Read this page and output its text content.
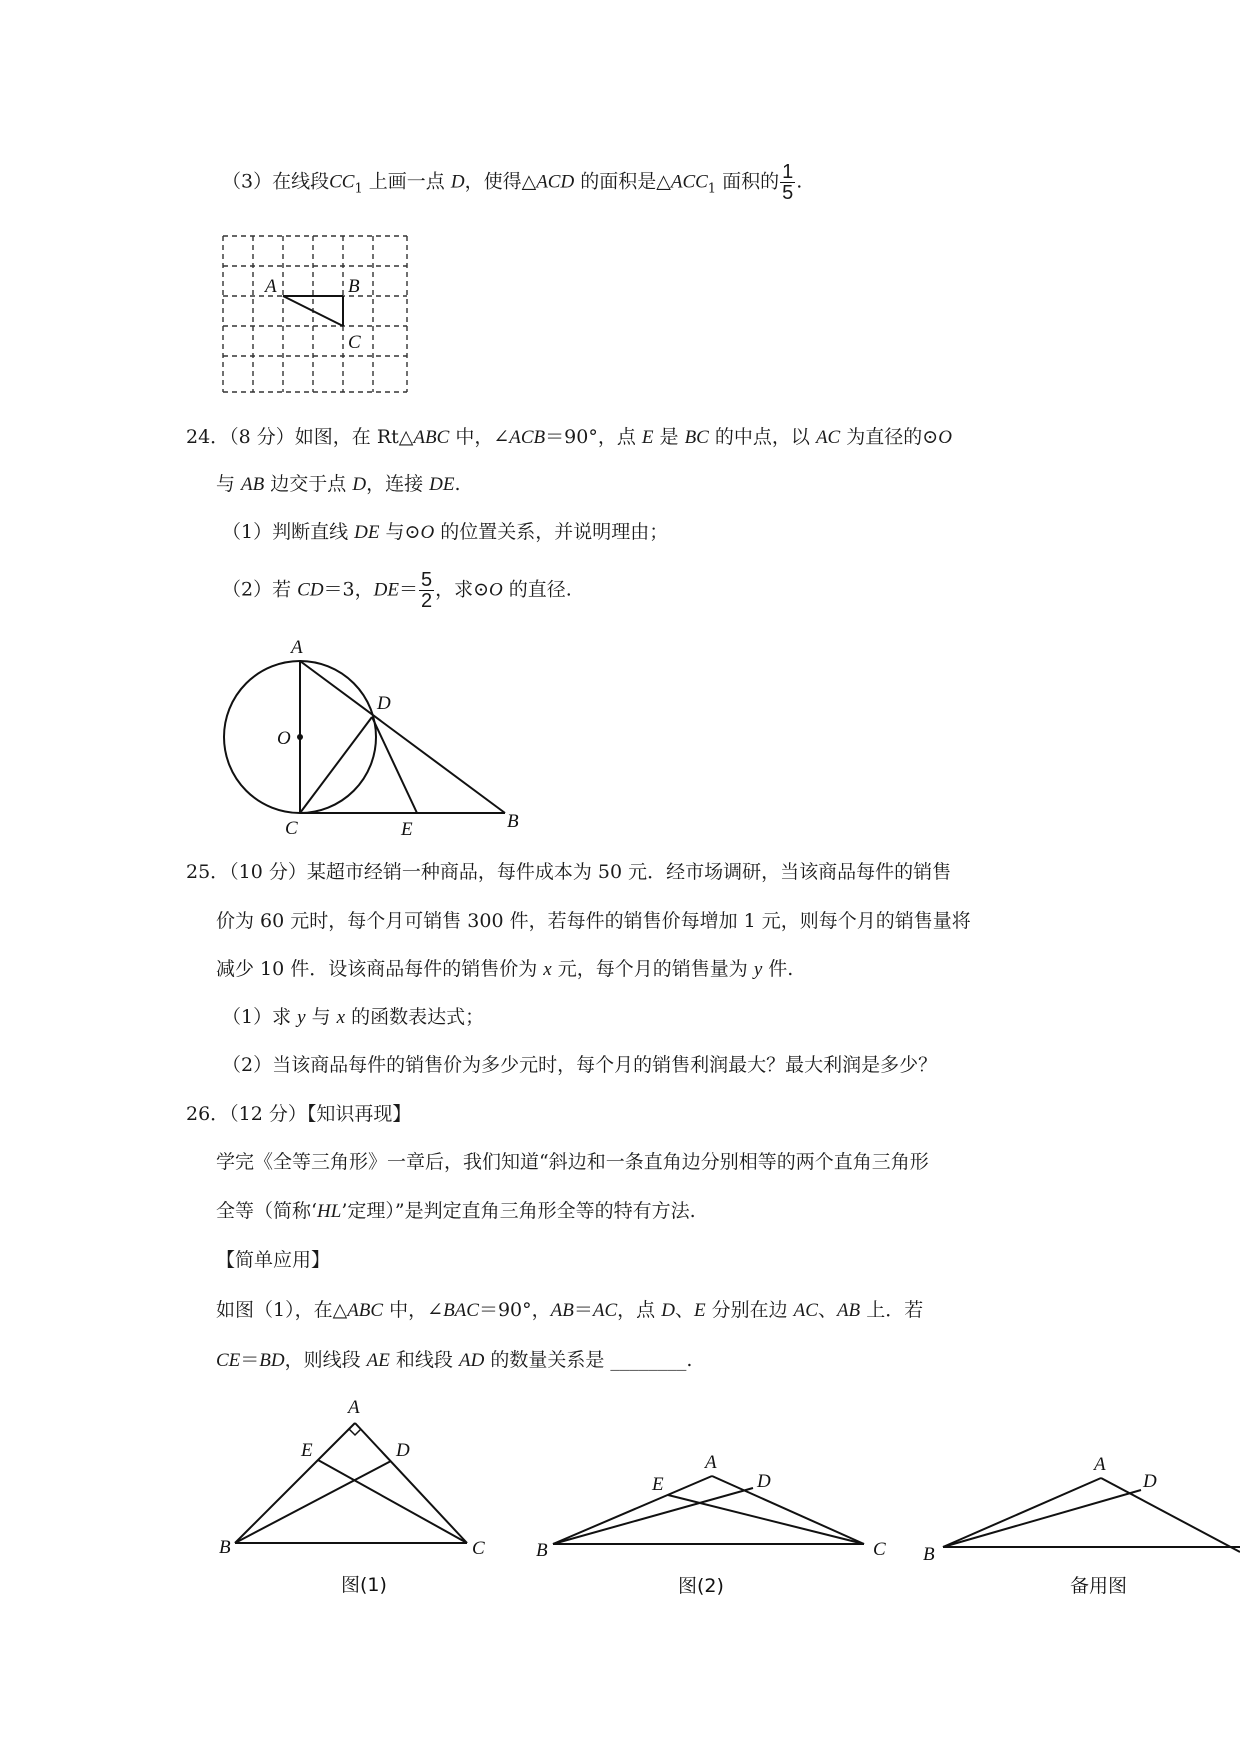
（3）在线段$CC_1$ 上画一点 D，使得△ACD 的面积是$\triangle ACC_1$ 面积的 $\frac{1}{5}$ .
A	B
C
24．（8 分）如图，在 Rt△ABC 中，∠ACB＝90°，点 E 是 BC 的中点，以 AC 为直径的⊙O
与 AB 边交于点 D，连接 DE.
（1）判断直线 DE 与⊙O 的位置关系，并说明理由；
（2）若 CD＝3，$DE= \frac{5}{2}$ ，求⊙O 的直径.
A
D
O
C	E	B
25．（10 分）某超市经销一种商品，每件成本为 50 元．经市场调研，当该商品每件的销售
价为 60 元时，每个月可销售 300 件，若每件的销售价每增加 1 元，则每个月的销售量将
减少 10 件．设该商品每件的销售价为 x 元，每个月的销售量为 y 件.
（1）求 y 与 x 的函数表达式；
（2）当该商品每件的销售价为多少元时，每个月的销售利润最大？最大利润是多少？
26．（12 分）【知识再现】
学完《全等三角形》一章后，我们知道“斜边和一条直角边分别相等的两个直角三角形
全等（简称‘HL’定理）”是判定直角三角形全等的特有方法.
【简单应用】
如图（1），在△ABC 中，∠BAC＝90°，AB＝AC，点 D、E 分别在边 AC、AB 上．若
CE＝BD，则线段 AE 和线段 AD 的数量关系是 ________.
A
E	D
B	C
图(1)
A
E	D
B	C
图(2)
A
D
B
备用图
